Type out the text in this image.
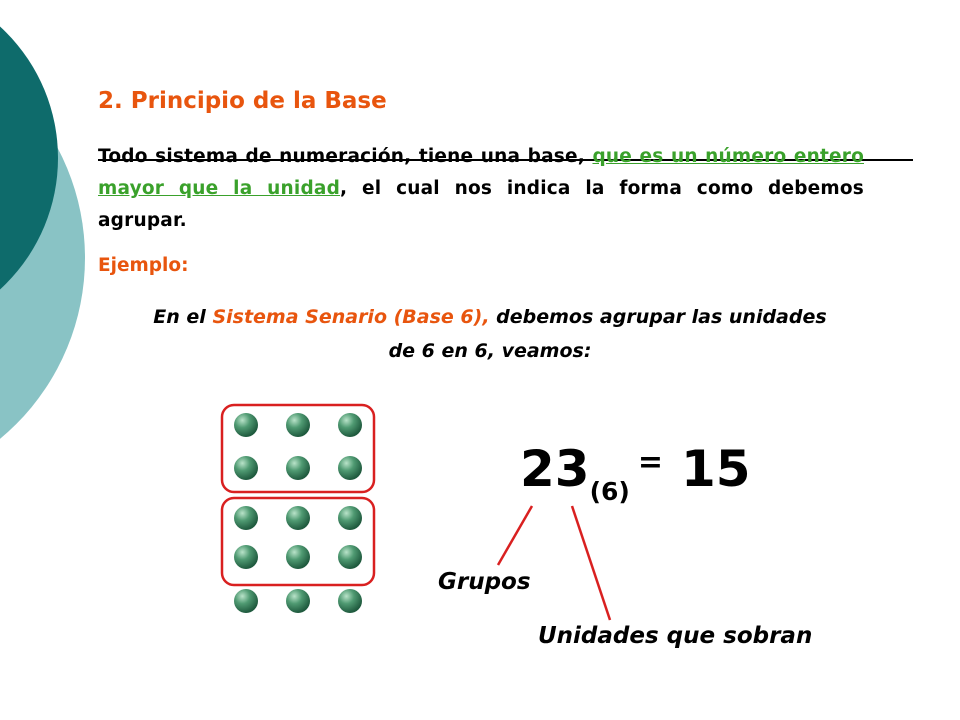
2. Principio de la Base
Todo sistema de numeración, tiene una base, que es un número entero mayor que la unidad, el cual nos indica la forma como debemos agrupar.
Ejemplo:
En el Sistema Senario (Base 6), debemos agrupar las unidades de 6 en 6, veamos:
23(6)= 15
Grupos
Unidades que sobran
